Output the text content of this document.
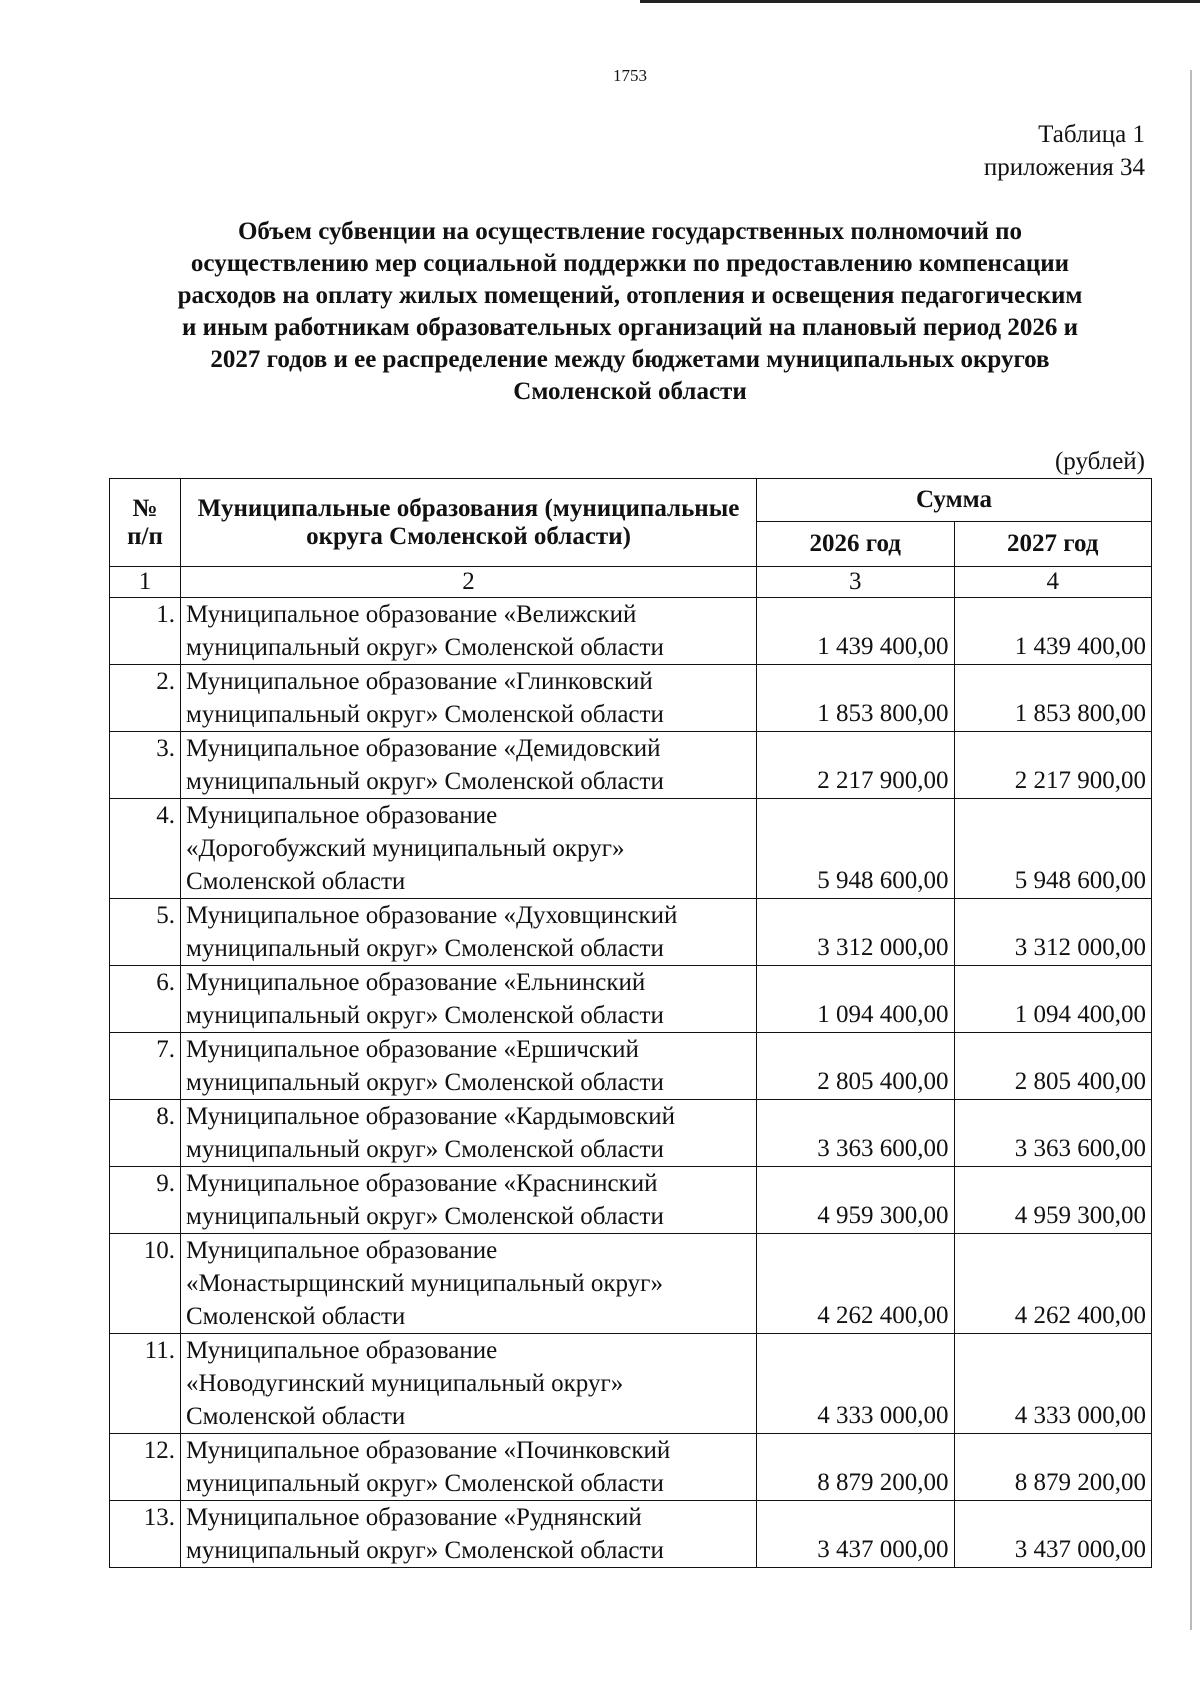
1753
Таблица 1
приложения 34
Объем субвенции на осуществление государственных полномочий по
осуществлению мер социальной поддержки по предоставлению компенсации
расходов на оплату жилых помещений, отопления и освещения педагогическим
и иным работникам образовательных организаций на плановый период 2026 и
2027 годов и ее распределение между бюджетами муниципальных округов
Смоленской области
(рублей)
№
п/п	Муниципальные образования (муниципальные округа Смоленской области)	Сумма	
		2026 год	2027 год
1	2	3	4
1.	Муниципальное образование «Велижский
муниципальный округ» Смоленской области	1 439 400,00	1 439 400,00
2.	Муниципальное образование «Глинковский
муниципальный округ» Смоленской области	1 853 800,00	1 853 800,00
3.	Муниципальное образование «Демидовский
муниципальный округ» Смоленской области	2 217 900,00	2 217 900,00
4.	Муниципальное образование
«Дорогобужский муниципальный округ»
Смоленской области	5 948 600,00	5 948 600,00
5.	Муниципальное образование «Духовщинский
муниципальный округ» Смоленской области	3 312 000,00	3 312 000,00
6.	Муниципальное образование «Ельнинский
муниципальный округ» Смоленской области	1 094 400,00	1 094 400,00
7.	Муниципальное образование «Ершичский
муниципальный округ» Смоленской области	2 805 400,00	2 805 400,00
8.	Муниципальное образование «Кардымовский
муниципальный округ» Смоленской области	3 363 600,00	3 363 600,00
9.	Муниципальное образование «Краснинский
муниципальный округ» Смоленской области	4 959 300,00	4 959 300,00
10.	Муниципальное образование
«Монастырщинский муниципальный округ»
Смоленской области	4 262 400,00	4 262 400,00
11.	Муниципальное образование
«Новодугинский муниципальный округ»
Смоленской области	4 333 000,00	4 333 000,00
12.	Муниципальное образование «Починковский
муниципальный округ» Смоленской области	8 879 200,00	8 879 200,00
13.	Муниципальное образование «Руднянский
муниципальный округ» Смоленской области	3 437 000,00	3 437 000,00
